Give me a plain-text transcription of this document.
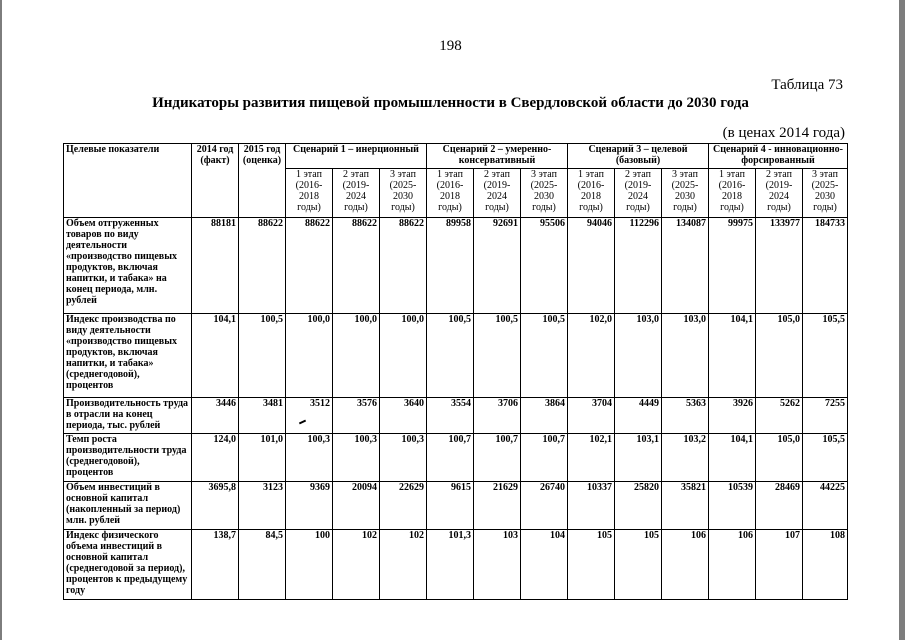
198
Таблица 73
Индикаторы развития пищевой промышленности в Свердловской области до 2030 года
(в ценах 2014 года)
Целевые показатели	2014 год (факт)	2015 год (оценка)	Сценарий 1 – инерционный			Сценарий 2 – умеренно-консервативный			Сценарий 3 – целевой (базовый)			Сценарий 4 - инновационно-форсированный		
			1 этап (2016-2018 годы)	2 этап (2019-2024 годы)	3 этап (2025-2030 годы)	1 этап (2016-2018 годы)	2 этап (2019-2024 годы)	3 этап (2025-2030 годы)	1 этап (2016-2018 годы)	2 этап (2019-2024 годы)	3 этап (2025-2030 годы)	1 этап (2016-2018 годы)	2 этап (2019-2024 годы)	3 этап (2025-2030 годы)
Объем отгруженных товаров по виду деятельности «производство пищевых продуктов, включая напитки, и табака» на конец периода, млн. рублей	88181	88622	88622	88622	88622	89958	92691	95506	94046	112296	134087	99975	133977	184733
Индекс производства по виду деятельности «производство пищевых продуктов, включая напитки, и табака» (среднегодовой), процентов	104,1	100,5	100,0	100,0	100,0	100,5	100,5	100,5	102,0	103,0	103,0	104,1	105,0	105,5
Производительность труда в отрасли на конец периода, тыс. рублей	3446	3481	3512	3576	3640	3554	3706	3864	3704	4449	5363	3926	5262	7255
Темп роста производительности труда (среднегодовой), процентов	124,0	101,0	100,3	100,3	100,3	100,7	100,7	100,7	102,1	103,1	103,2	104,1	105,0	105,5
Объем инвестиций в основной капитал (накопленный за период) млн. рублей	3695,8	3123	9369	20094	22629	9615	21629	26740	10337	25820	35821	10539	28469	44225
Индекс физического объема инвестиций в основной капитал (среднегодовой за период), процентов к предыдущему году	138,7	84,5	100	102	102	101,3	103	104	105	105	106	106	107	108
